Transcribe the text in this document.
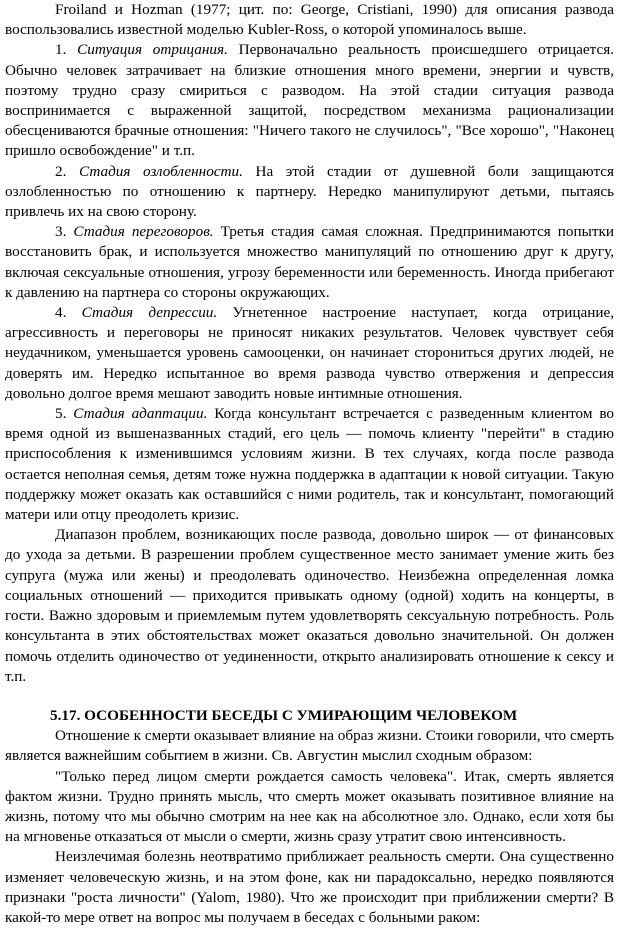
Froiland и Hozman (1977; цит. по: George, Cristiani, 1990) для описания развода воспользовались известной моделью Kubler-Ross, о которой упоминалось выше.

1. Ситуация отрицания. Первоначально реальность происшедшего отрицается. Обычно человек затрачивает на близкие отношения много времени, энергии и чувств, поэтому трудно сразу смириться с разводом. На этой стадии ситуация развода воспринимается с выраженной защитой, посредством механизма рационализации обесцениваются брачные отношения: "Ничего такого не случилось", "Все хорошо", "Наконец пришло освобождение" и т.п.

2. Стадия озлобленности. На этой стадии от душевной боли защищаются озлобленностью по отношению к партнеру. Нередко манипулируют детьми, пытаясь привлечь их на свою сторону.

3. Стадия переговоров. Третья стадия самая сложная. Предпринимаются попытки восстановить брак, и используется множество манипуляций по отношению друг к другу, включая сексуальные отношения, угрозу беременности или беременность. Иногда прибегают к давлению на партнера со стороны окружающих.

4. Стадия депрессии. Угнетенное настроение наступает, когда отрицание, агрессивность и переговоры не приносят никаких результатов. Человек чувствует себя неудачником, уменьшается уровень самооценки, он начинает сторониться других людей, не доверять им. Нередко испытанное во время развода чувство отвержения и депрессия довольно долгое время мешают заводить новые интимные отношения.

5. Стадия адаптации. Когда консультант встречается с разведенным клиентом во время одной из вышеназванных стадий, его цель — помочь клиенту "перейти" в стадию приспособления к изменившимся условиям жизни. В тех случаях, когда после развода остается неполная семья, детям тоже нужна поддержка в адаптации к новой ситуации. Такую поддержку может оказать как оставшийся с ними родитель, так и консультант, помогающий матери или отцу преодолеть кризис.

Диапазон проблем, возникающих после развода, довольно широк — от финансовых до ухода за детьми. В разрешении проблем существенное место занимает умение жить без супруга (мужа или жены) и преодолевать одиночество. Неизбежна определенная ломка социальных отношений — приходится привыкать одному (одной) ходить на концерты, в гости. Важно здоровым и приемлемым путем удовлетворять сексуальную потребность. Роль консультанта в этих обстоятельствах может оказаться довольно значительной. Он должен помочь отделить одиночество от уединенности, открыто анализировать отношение к сексу и т.п.

5.17. ОСОБЕННОСТИ БЕСЕДЫ С УМИРАЮЩИМ ЧЕЛОВЕКОМ

Отношение к смерти оказывает влияние на образ жизни. Стоики говорили, что смерть является важнейшим событием в жизни. Св. Августин мыслил сходным образом:

"Только перед лицом смерти рождается самость человека". Итак, смерть является фактом жизни. Трудно принять мысль, что смерть может оказывать позитивное влияние на жизнь, потому что мы обычно смотрим на нее как на абсолютное зло. Однако, если хотя бы на мгновенье отказаться от мысли о смерти, жизнь сразу утратит свою интенсивность.

Неизлечимая болезнь неотвратимо приближает реальность смерти. Она существенно изменяет человеческую жизнь, и на этом фоне, как ни парадоксально, нередко появляются признаки "роста личности" (Yalom, 1980). Что же происходит при приближении смерти? В какой-то мере ответ на вопрос мы получаем в беседах с больными раком:
